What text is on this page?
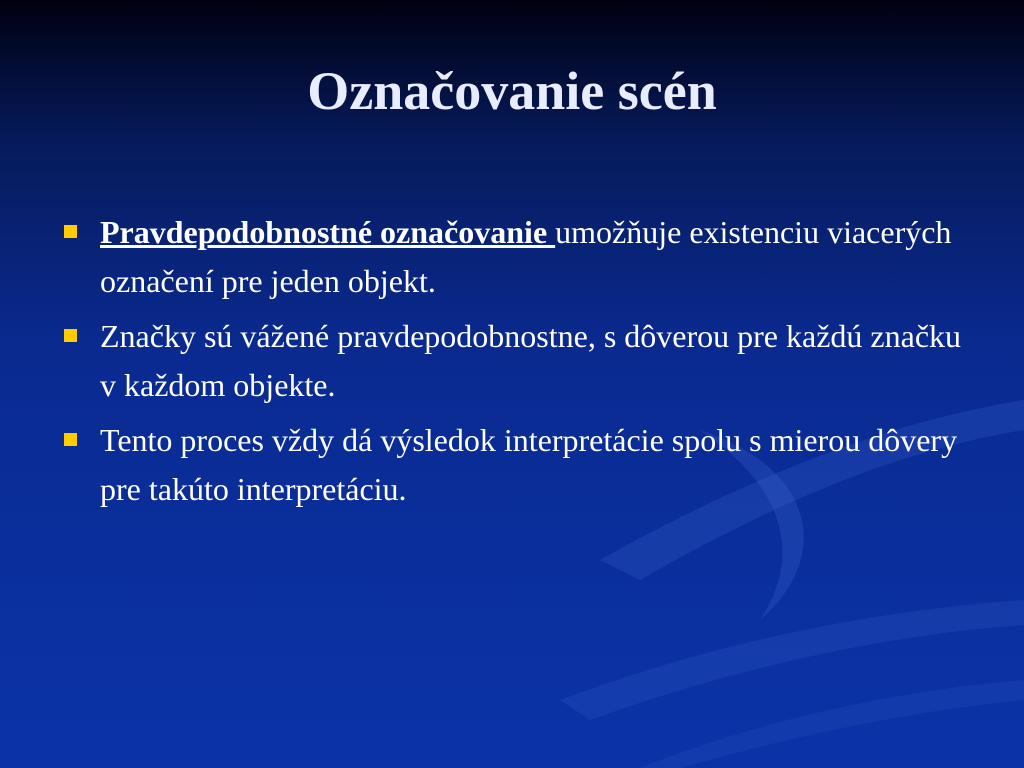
Označovanie scén
Pravdepodobnostné označovanie umožňuje existenciu viacerých označení pre jeden objekt.
Značky sú vážené pravdepodobnostne, s dôverou pre každú značku v každom objekte.
Tento proces vždy dá výsledok interpretácie spolu s mierou dôvery pre takúto interpretáciu.
